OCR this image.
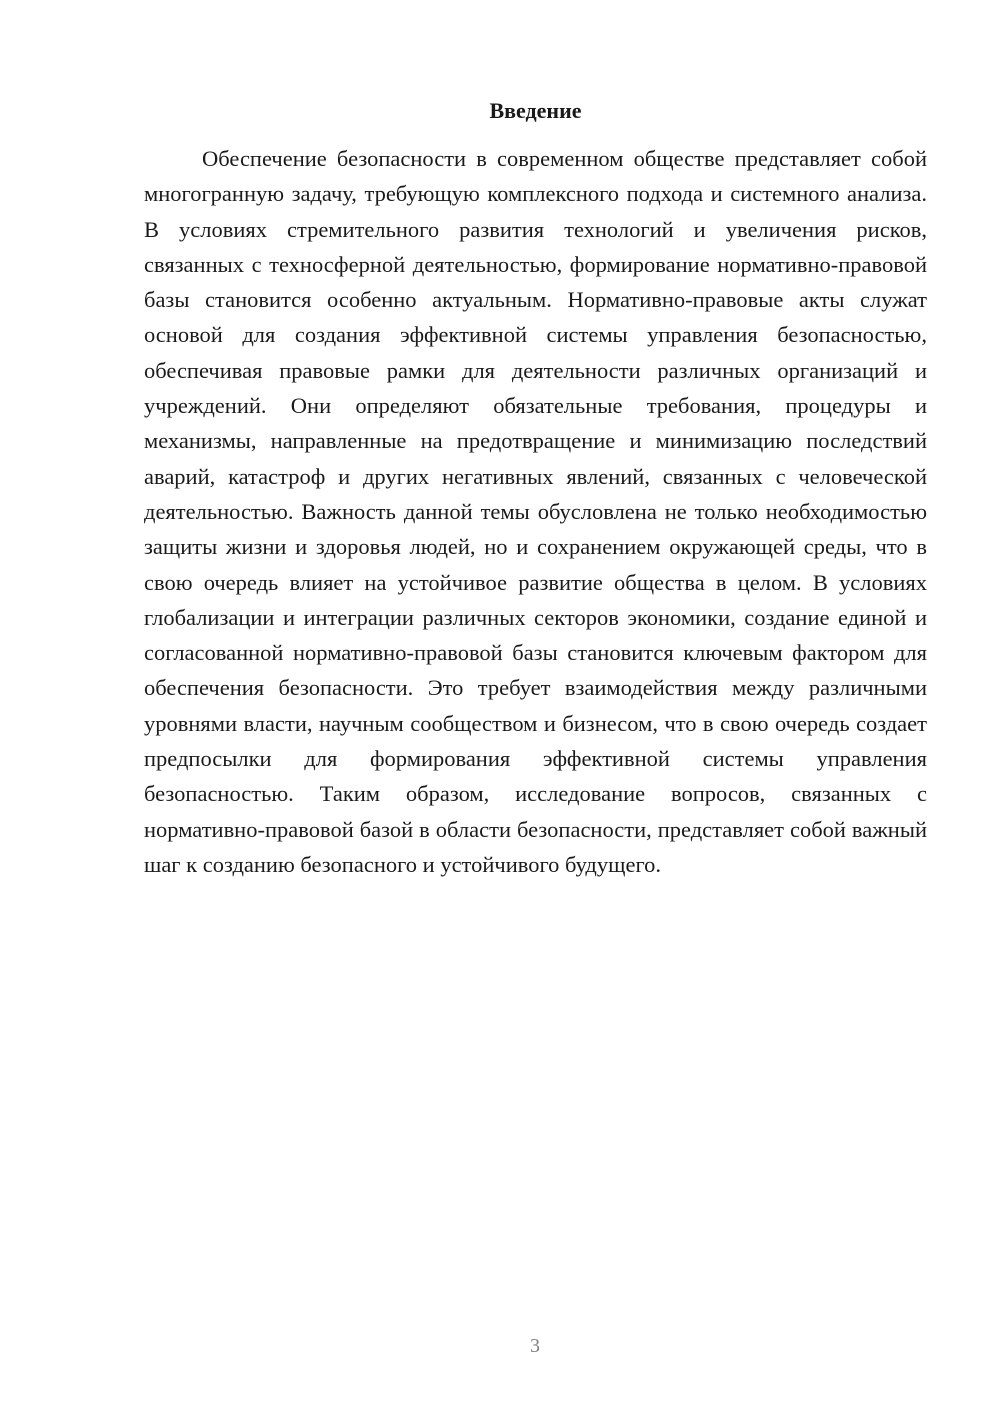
Введение

Обеспечение безопасности в современном обществе представляет собой многогранную задачу, требующую комплексного подхода и системного анализа. В условиях стремительного развития технологий и увеличения рисков, связанных с техносферной деятельностью, формирование нормативно-правовой базы становится особенно актуальным. Нормативно-правовые акты служат основой для создания эффективной системы управления безопасностью, обеспечивая правовые рамки для деятельности различных организаций и учреждений. Они определяют обязательные требования, процедуры и механизмы, направленные на предотвращение и минимизацию последствий аварий, катастроф и других негативных явлений, связанных с человеческой деятельностью. Важность данной темы обусловлена не только необходимостью защиты жизни и здоровья людей, но и сохранением окружающей среды, что в свою очередь влияет на устойчивое развитие общества в целом. В условиях глобализации и интеграции различных секторов экономики, создание единой и согласованной нормативно-правовой базы становится ключевым фактором для обеспечения безопасности. Это требует взаимодействия между различными уровнями власти, научным сообществом и бизнесом, что в свою очередь создает предпосылки для формирования эффективной системы управления безопасностью. Таким образом, исследование вопросов, связанных с нормативно-правовой базой в области безопасности, представляет собой важный шаг к созданию безопасного и устойчивого будущего.

3
